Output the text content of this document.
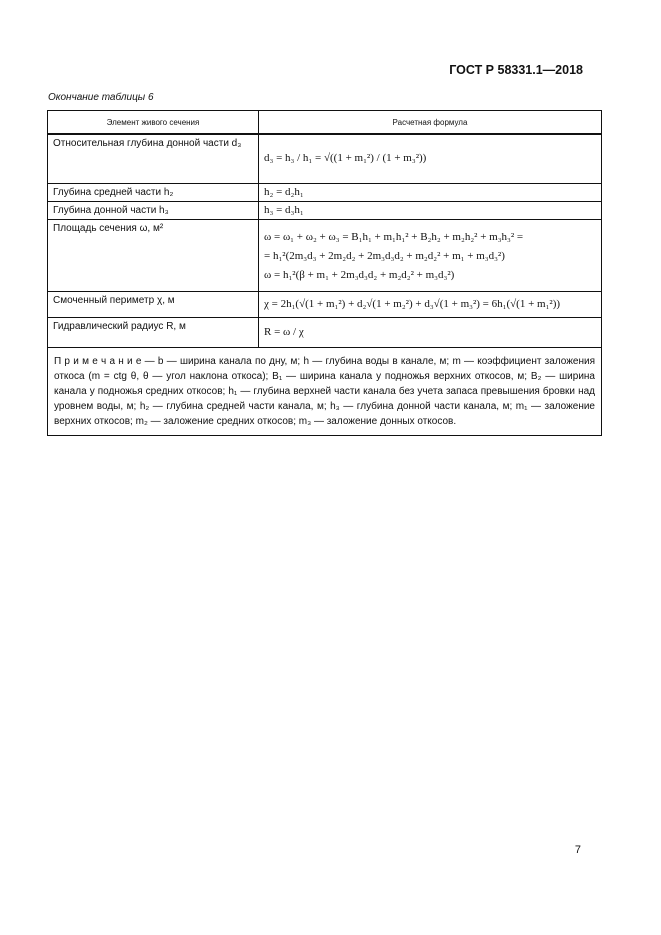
ГОСТ Р 58331.1—2018
Окончание таблицы 6
Элемент живого сечения	Расчетная формула
Относительная глубина донной части d₃	d₃ = h₃ / h₁ = √((1 + m₁²) / (1 + m₃²))
Глубина средней части h₂	h₂ = d₂h₁
Глубина донной части h₃	h₃ = d₃h₁
Площадь сечения ω, м²	ω = ω₁ + ω₂ + ω₃ = B₁h₁ + m₁h₁² + B₂h₂ + m₂h₂² + m₃h₃² =
= h₁²(2m₃d₃ + 2m₂d₂ + 2m₃d₃d₂ + m₂d₂² + m₁ + m₃d₃²)
ω = h₁²(β + m₁ + 2m₃d₃d₂ + m₂d₂² + m₃d₃²)

Смоченный периметр χ, м	χ = 2h₁(√(1 + m₁²) + d₂√(1 + m₂²) + d₃√(1 + m₃²) = 6h₁(√(1 + m₁²))
Гидравлический радиус R, м	R = ω / χ
П р и м е ч а н и е — b — ширина канала по дну, м; h — глубина воды в канале, м; m — коэффициент заложения откоса (m = ctg θ, θ — угол наклона откоса); B₁ — ширина канала у подножья верхних откосов, м; B₂ — ширина канала у подножья средних откосов; h₁ — глубина верхней части канала без учета запаса превышения бровки над уровнем воды, м; h₂ — глубина средней части канала, м; h₃ — глубина донной части канала, м; m₁ — заложение верхних откосов; m₂ — заложение средних откосов; m₃ — заложение донных откосов.	
7
